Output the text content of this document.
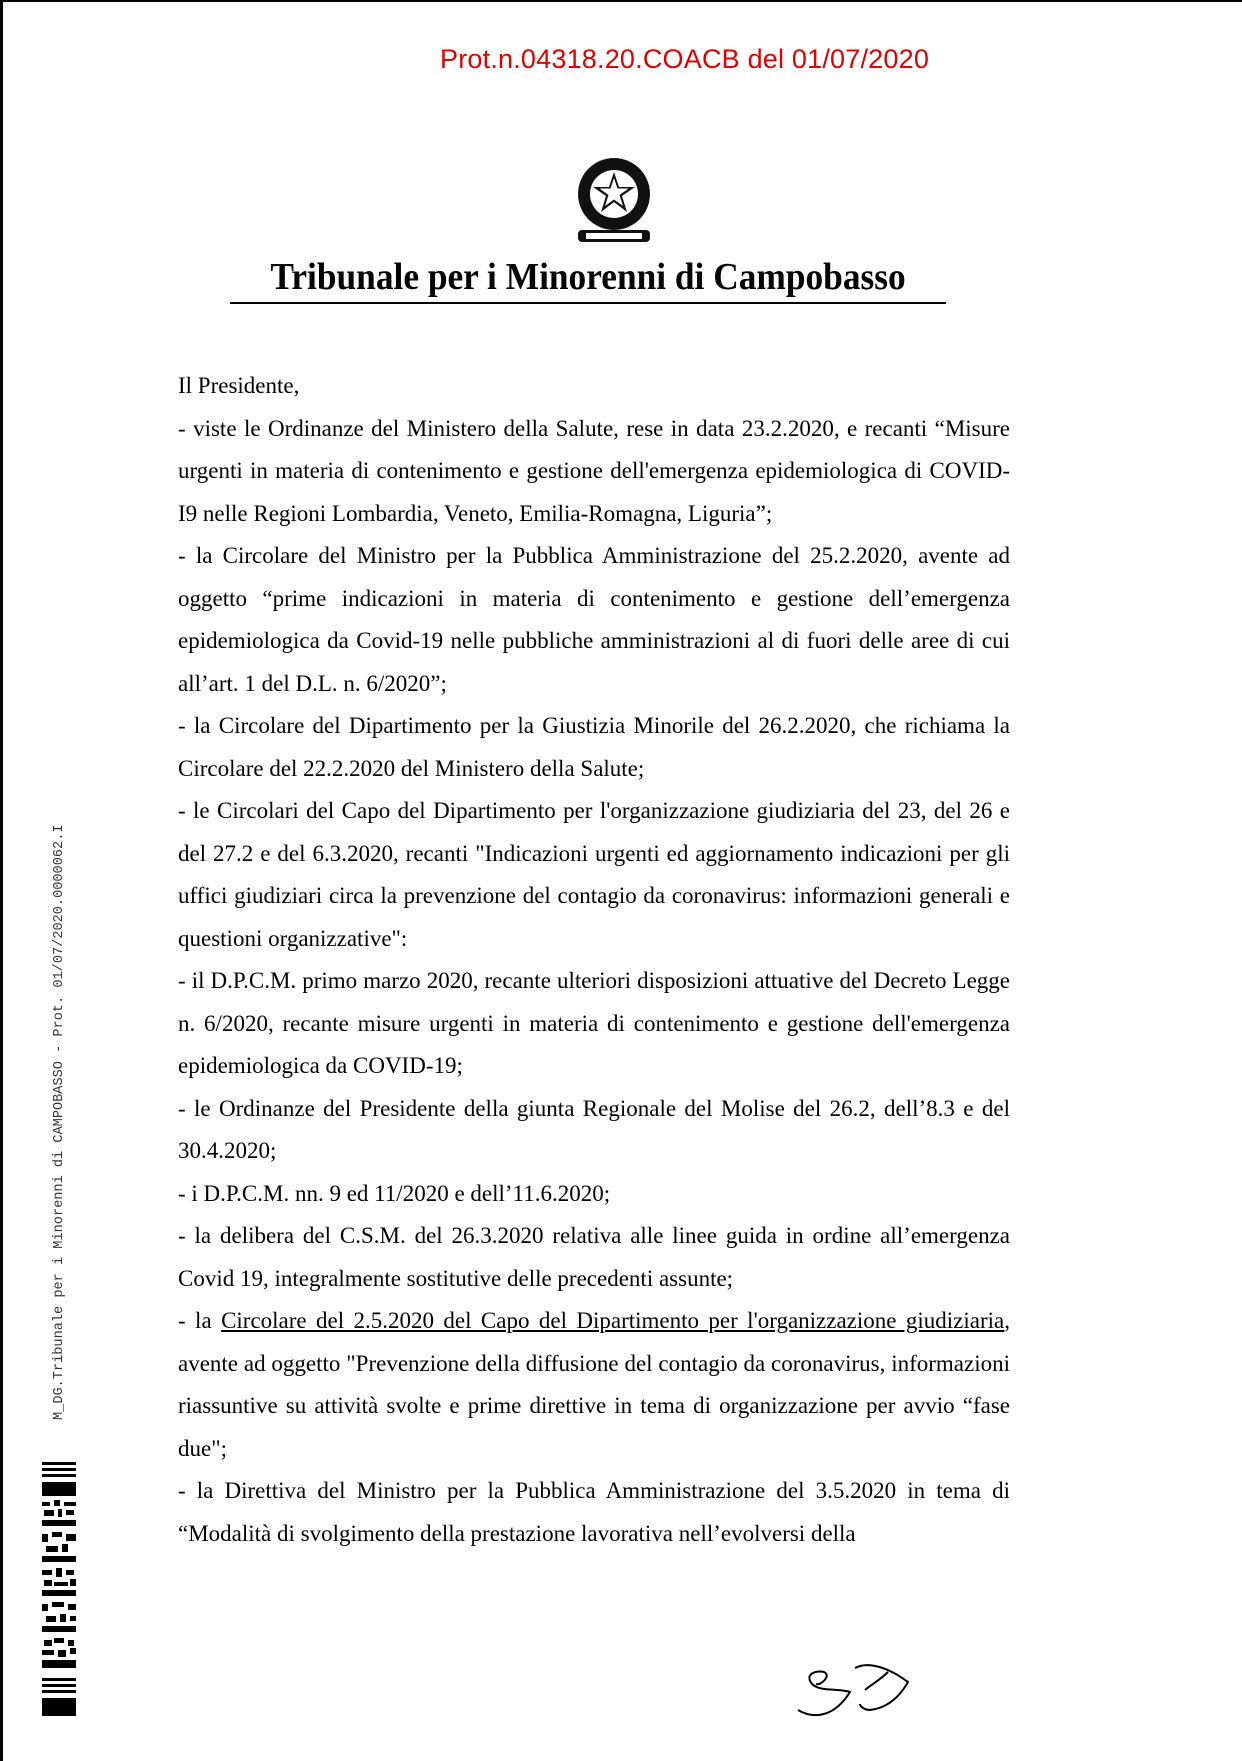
Prot.n.04318.20.COACB del 01/07/2020
Tribunale per i Minorenni di Campobasso

Il Presidente,

- viste le Ordinanze del Ministero della Salute, rese in data 23.2.2020, e recanti “Misure urgenti in materia di contenimento e gestione dell'emergenza epidemiologica di COVID-I9 nelle Regioni Lombardia, Veneto, Emilia-Romagna, Liguria”;

- la Circolare del Ministro per la Pubblica Amministrazione del 25.2.2020, avente ad oggetto “prime indicazioni in materia di contenimento e gestione dell’emergenza epidemiologica da Covid-19 nelle pubbliche amministrazioni al di fuori delle aree di cui all’art. 1 del D.L. n. 6/2020”;

- la Circolare del Dipartimento per la Giustizia Minorile del 26.2.2020, che richiama la Circolare del 22.2.2020 del Ministero della Salute;

- le Circolari del Capo del Dipartimento per l'organizzazione giudiziaria del 23, del 26 e del 27.2 e del 6.3.2020, recanti "Indicazioni urgenti ed aggiornamento indicazioni per gli uffici giudiziari circa la prevenzione del contagio da coronavirus: informazioni generali e questioni organizzative":

- il D.P.C.M. primo marzo 2020, recante ulteriori disposizioni attuative del Decreto Legge n. 6/2020, recante misure urgenti in materia di contenimento e gestione dell'emergenza epidemiologica da COVID-19;

- le Ordinanze del Presidente della giunta Regionale del Molise del 26.2, dell’8.3 e del 30.4.2020;

- i D.P.C.M. nn. 9 ed 11/2020 e dell’11.6.2020;

- la delibera del C.S.M. del 26.3.2020 relativa alle linee guida in ordine all’emergenza Covid 19, integralmente sostitutive delle precedenti assunte;

- la Circolare del 2.5.2020 del Capo del Dipartimento per l'organizzazione giudiziaria, avente ad oggetto "Prevenzione della diffusione del contagio da coronavirus, informazioni riassuntive su attività svolte e prime direttive in tema di organizzazione per avvio “fase due";

- la Direttiva del Ministro per la Pubblica Amministrazione del 3.5.2020 in tema di “Modalità di svolgimento della prestazione lavorativa nell’evolversi della

M_DG.Tribunale per i Minorenni di CAMPOBASSO - Prot. 01/07/2020.0000062.I
